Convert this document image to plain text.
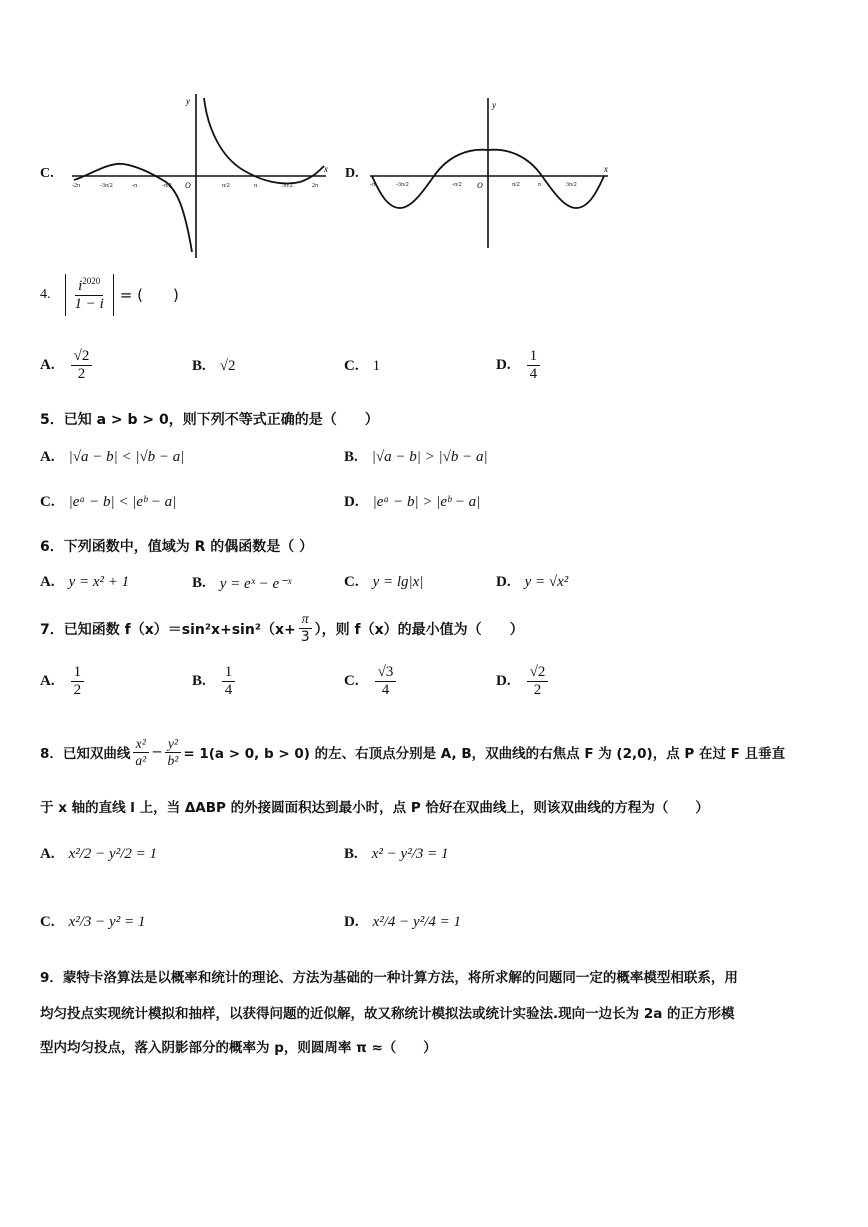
C.	x
y
O
-2π	-3π/2	-π	-π/2	π/2	π	3π/2	2π
D.	x
y
O
-π	-3π/2	-π/2	π/2	π	3π/2
4. $\frac{i^{2020}}{1 - i}$ = (　　)
A. $\frac{√2}{2}$	B. √2	C. 1	D. $\frac{1}{4}$
5．已知 a > b > 0，则下列不等式正确的是（　　）
A. |√a − b| < |√b − a|	B. |√a − b| > |√b − a|
C. |eᵃ − b| < |eᵇ − a|	D. |eᵃ − b| > |eᵇ − a|
6．下列函数中，值域为 R 的偶函数是（ ）
A. y = x² + 1	B. y = eˣ − e⁻ˣ	C. y = lg|x|	D. y = √x²
7．已知函数 $f(x)=\sin^2x+\sin^2(x+ \frac{\pi}{3}$ ），则 f（x）的最小值为（　　）
A. $\frac{1}{2}$	B. $\frac{1}{4}$	C. $\frac{√3}{4}$	D. $\frac{√2}{2}$
8．已知双曲线 $\frac{\text{x²}}{\text{a²}} - \frac{\text{y²}}{\text{b²}} = 1(a > 0$, b > 0) 的左、右顶点分别是 A, B，双曲线的右焦点 F 为 (2,0)，点 P 在过 F 且垂直
于 x 轴的直线 l 上，当 ΔABP 的外接圆面积达到最小时，点 P 恰好在双曲线上，则该双曲线的方程为（　　）
A. x²/2 − y²/2 = 1	B. x² − y²/3 = 1
C. x²/3 − y² = 1	D. x²/4 − y²/4 = 1
9．蒙特卡洛算法是以概率和统计的理论、方法为基础的一种计算方法，将所求解的问题同一定的概率模型相联系，用
均匀投点实现统计模拟和抽样，以获得问题的近似解，故又称统计模拟法或统计实验法.现向一边长为 2a 的正方形模
型内均匀投点，落入阴影部分的概率为 p，则圆周率 π ≈（　　）
